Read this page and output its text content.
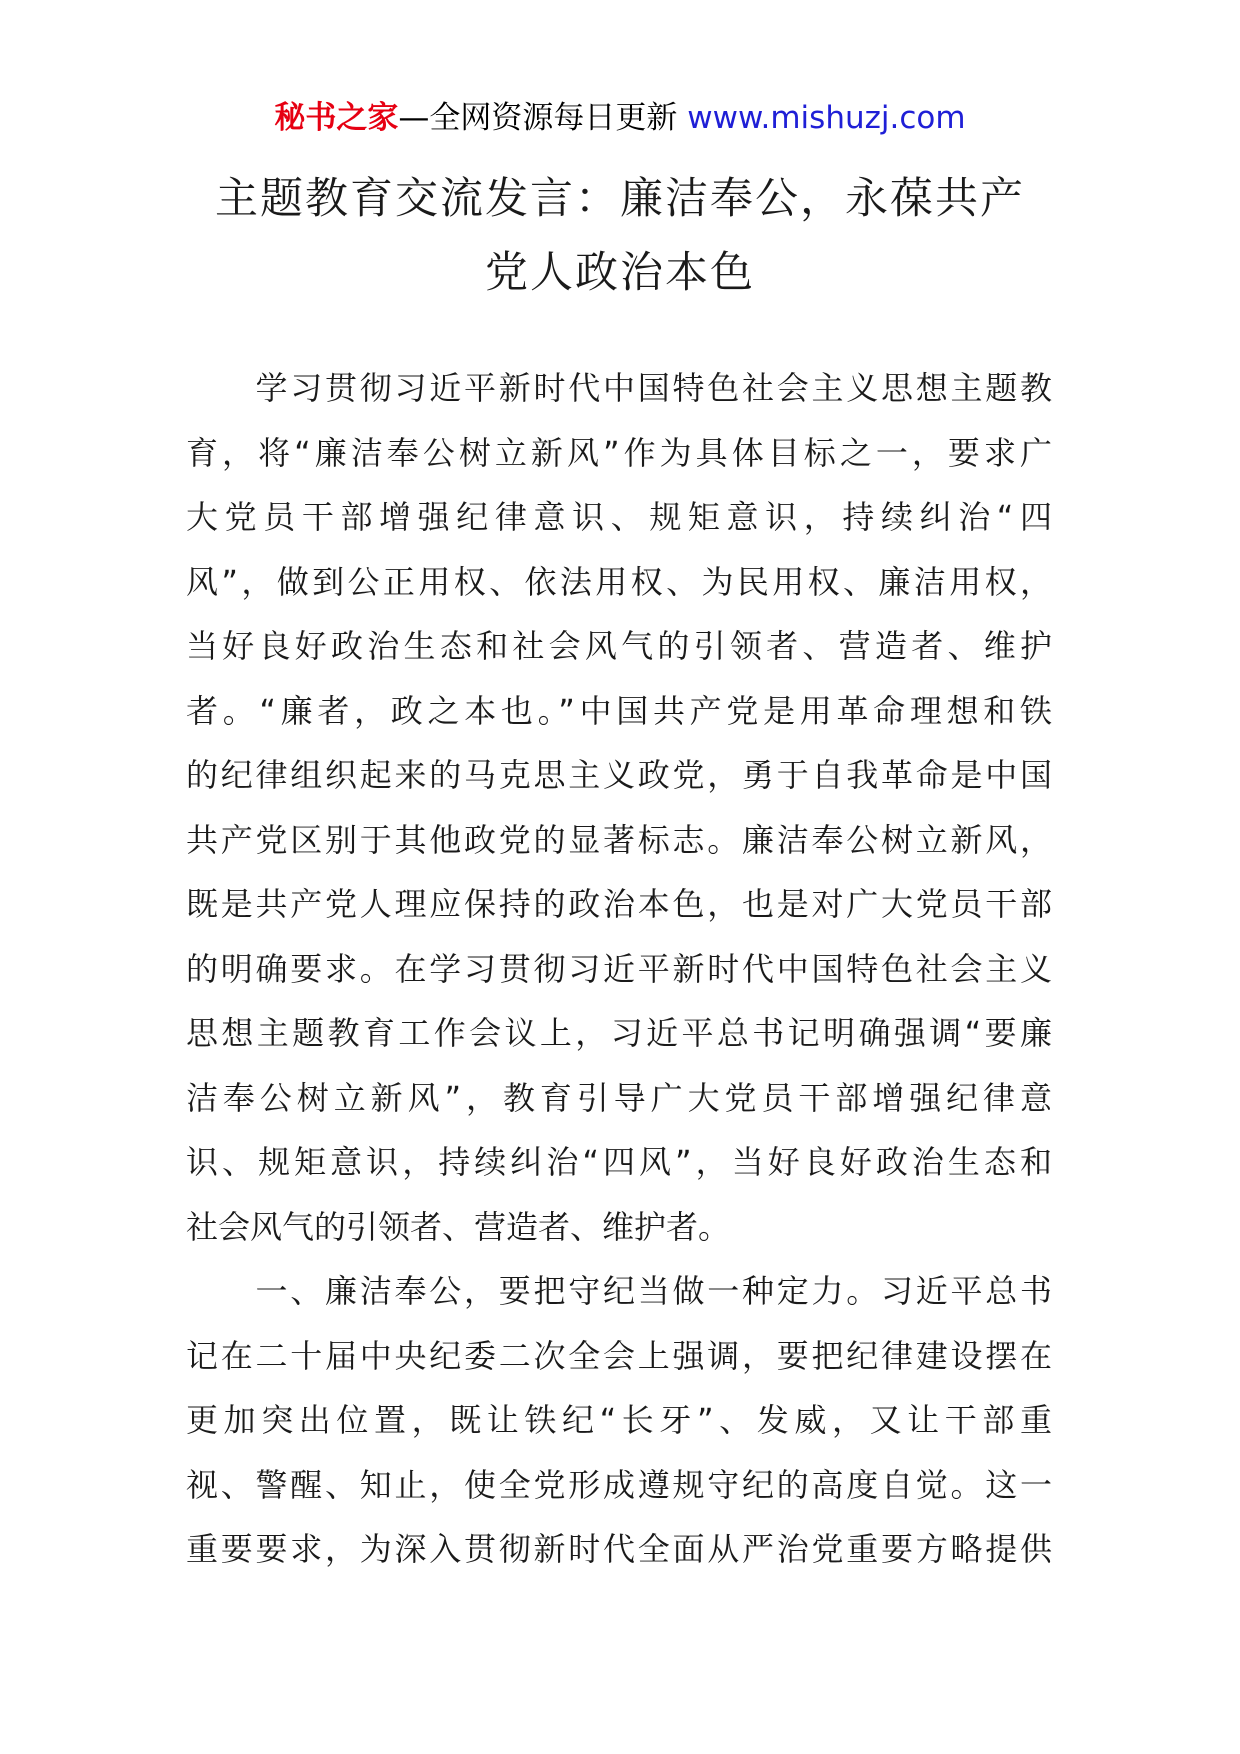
秘书之家—全网资源每日更新 www.mishuzj.com
主题教育交流发言：廉洁奉公，永葆共产
党人政治本色
　　学习贯彻习近平新时代中国特色社会主义思想主题教
育，将“廉洁奉公树立新风”作为具体目标之一，要求广
大党员干部增强纪律意识、规矩意识，持续纠治“四
风”，做到公正用权、依法用权、为民用权、廉洁用权，
当好良好政治生态和社会风气的引领者、营造者、维护
者。“廉者，政之本也。”中国共产党是用革命理想和铁
的纪律组织起来的马克思主义政党，勇于自我革命是中国
共产党区别于其他政党的显著标志。廉洁奉公树立新风，
既是共产党人理应保持的政治本色，也是对广大党员干部
的明确要求。在学习贯彻习近平新时代中国特色社会主义
思想主题教育工作会议上，习近平总书记明确强调“要廉
洁奉公树立新风”，教育引导广大党员干部增强纪律意
识、规矩意识，持续纠治“四风”，当好良好政治生态和
社会风气的引领者、营造者、维护者。
　　一、廉洁奉公，要把守纪当做一种定力。习近平总书
记在二十届中央纪委二次全会上强调，要把纪律建设摆在
更加突出位置，既让铁纪“长牙”、发威，又让干部重
视、警醒、知止，使全党形成遵规守纪的高度自觉。这一
重要要求，为深入贯彻新时代全面从严治党重要方略提供
